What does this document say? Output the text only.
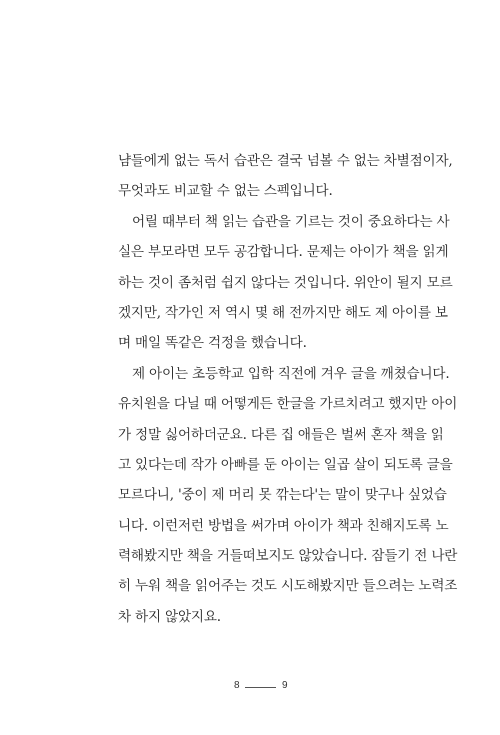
냠들에게 없는 독서 습관은 결국 넘볼 수 없는 차별점이자,
무엇과도 비교할 수 없는 스펙입니다.
어릴 때부터 책 읽는 습관을 기르는 것이 중요하다는 사
실은 부모라면 모두 공감합니다. 문제는 아이가 책을 읽게
하는 것이 좀처럼 쉽지 않다는 것입니다. 위안이 될지 모르
겠지만, 작가인 저 역시 몇 해 전까지만 해도 제 아이를 보
며 매일 똑같은 걱정을 했습니다.
제 아이는 초등학교 입학 직전에 겨우 글을 깨쳤습니다.
유치원을 다닐 때 어떻게든 한글을 가르치려고 했지만 아이
가 정말 싫어하더군요. 다른 집 애들은 벌써 혼자 책을 읽
고 있다는데 작가 아빠를 둔 아이는 일곱 살이 되도록 글을
모르다니, '중이 제 머리 못 깎는다'는 말이 맞구나 싶었습
니다. 이런저런 방법을 써가며 아이가 책과 친해지도록 노
력해봤지만 책을 거들떠보지도 않았습니다. 잠들기 전 나란
히 누워 책을 읽어주는 것도 시도해봤지만 들으려는 노력조
차 하지 않았지요.
8	9
